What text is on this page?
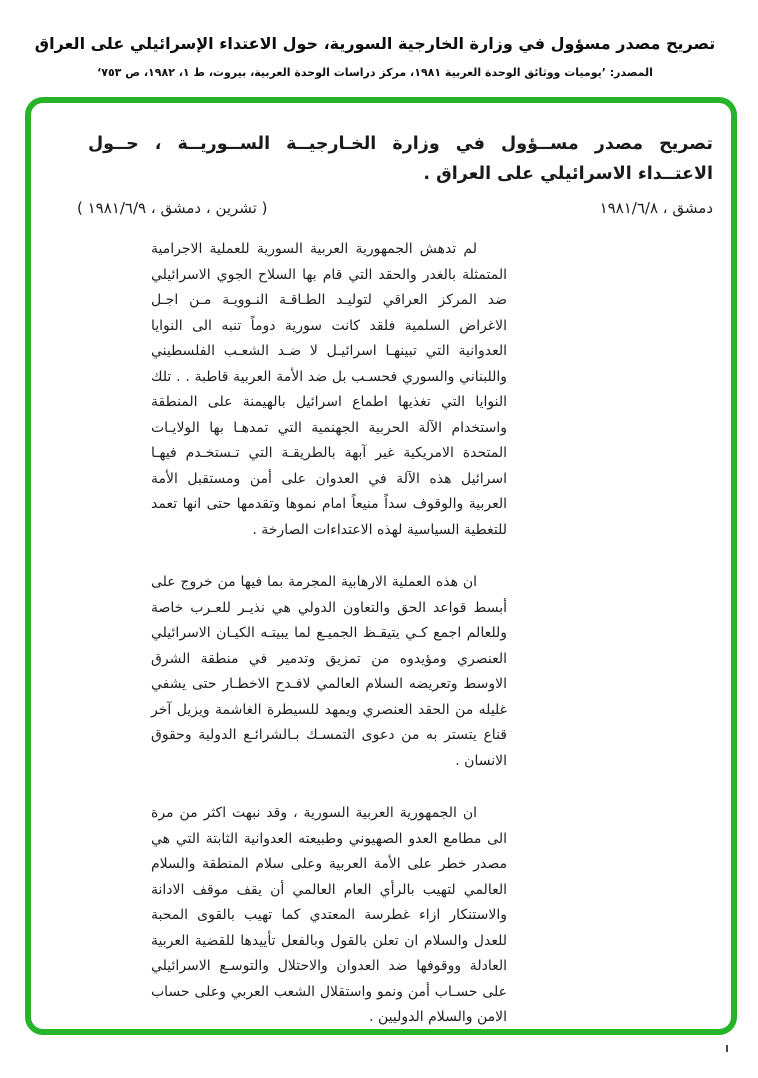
تصريح مصدر مسؤول في وزارة الخارجية السورية، حول الاعتداء الإسرائيلي على العراق
المصدر: ’يوميات ووثائق الوحدة العربية ١٩٨١، مركز دراسات الوحدة العربية، بيروت، ط ١، ١٩٨٢، ص ٧٥٣‘
تصريح مصدر مســؤول في وزارة الخـارجيــة الســوريــة ، حــول الاعتــداء الاسرائيلي على العراق .
دمشق ، ١٩٨١/٦/٨
( تشرين ، دمشق ، ١٩٨١/٦/٩ )

لم تدهش الجمهورية العربية السورية للعملية الاجرامية المتمثلة بالغدر والحقد التي قام بها السلاح الجوي الاسرائيلي ضد المركز العراقي لتوليـد الطـاقـة النـوويـة مـن اجـل الاغراض السلمية فلقد كانت سورية دوماً تنبه الى النوايا العدوانية التي تبينهـا اسرائيـل لا ضـد الشعـب الفلسطيني واللبناني والسوري فحسـب بل ضد الأمة العربية قاطبة . . تلك النوايا التي تغذيها اطماع اسرائيل بالهيمنة على المنطقة واستخدام الآلة الحربية الجهنمية التي تمدهـا بها الولايـات المتحدة الامريكية غير آبهة بالطريقـة التي تـستخـدم فيهـا اسرائيل هذه الآلة في العدوان على أمن ومستقبل الأمة العربية والوقوف سداً منيعاً امام نموها وتقدمها حتى انها تعمد للتغطية السياسية لهذه الاعتداءات الصارخة .

ان هذه العملية الارهابية المجرمة بما فيها من خروج على أبسط قواعد الحق والتعاون الدولي هي نذيـر للعـرب خاصة وللعالم اجمع كـي يتيقـظ الجميـع لما يبيتـه الكيـان الاسرائيلي العنصري ومؤيدوه من تمزيق وتدمير في منطقة الشرق الاوسط وتعريضه السلام العالمي لافـدح الاخطـار حتى يشفي غليله من الحقد العنصري ويمهد للسيطرة الغاشمة ويزيل آخر قناع يتستر به من دعوى التمسـك بـالشرائـع الدولية وحقوق الانسان .

ان الجمهورية العربية السورية ، وقد نبهت اكثر من مرة الى مطامع العدو الصهيوني وطبيعته العدوانية الثابتة التي هي مصدر خطر على الأمة العربية وعلى سلام المنطقة والسلام العالمي لتهيب بالرأي العام العالمي أن يقف موقف الادانة والاستنكار ازاء غطرسة المعتدي كما تهيب بالقوى المحبة للعدل والسلام ان تعلن بالقول وبالفعل تأييدها للقضية العربية العادلة ووقوفها ضد العدوان والاحتلال والتوسـع الاسرائيلي على حسـاب أمن ونمو واستقلال الشعب العربي وعلى حساب الامن والسلام الدوليين .
